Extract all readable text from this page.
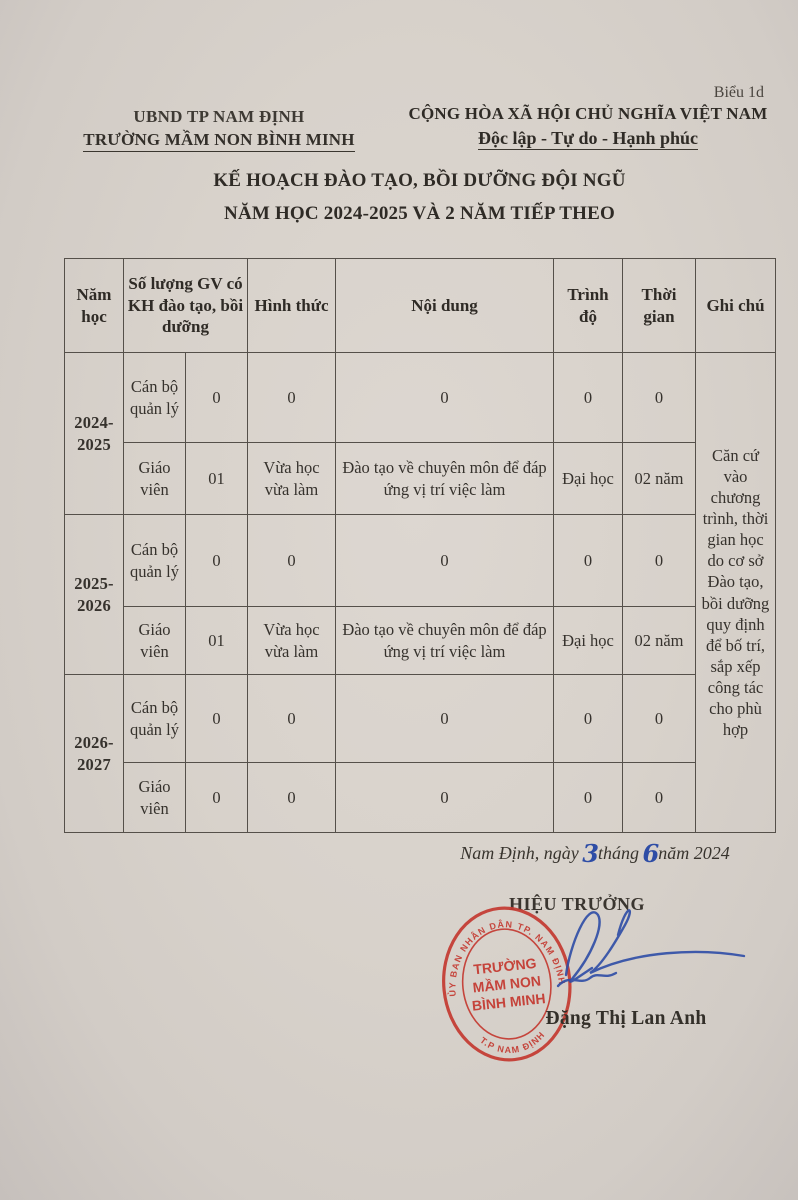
Biểu 1d
UBND TP NAM ĐỊNH
TRƯỜNG MẦM NON BÌNH MINH
CỘNG HÒA XÃ HỘI CHỦ NGHĨA VIỆT NAM
Độc lập - Tự do - Hạnh phúc
KẾ HOẠCH ĐÀO TẠO, BỒI DƯỠNG ĐỘI NGŨ
NĂM HỌC 2024-2025 VÀ 2 NĂM TIẾP THEO
Năm học	Số lượng GV có KH đào tạo, bồi dưỡng		Hình thức	Nội dung	Trình độ	Thời gian	Ghi chú
2024-2025	Cán bộ quản lý	0	0	0	0	0	Căn cứ vào chương trình, thời gian học do cơ sở Đào tạo, bồi dưỡng quy định để bố trí, sắp xếp công tác cho phù hợp
	Giáo viên	01	Vừa học vừa làm	Đào tạo về chuyên môn để đáp ứng vị trí việc làm	Đại học	02 năm	
2025-2026	Cán bộ quản lý	0	0	0	0	0	
	Giáo viên	01	Vừa học vừa làm	Đào tạo về chuyên môn để đáp ứng vị trí việc làm	Đại học	02 năm	
2026-2027	Cán bộ quản lý	0	0	0	0	0	
	Giáo viên	0	0	0	0	0	
Nam Định, ngày 3tháng 6năm 2024
HIỆU TRƯỞNG
ỦY BAN NHÂN DÂN TP. NAM ĐỊNH
T.P NAM ĐỊNH
TRƯỜNG
MẦM NON
BÌNH MINH
Đặng Thị Lan Anh
